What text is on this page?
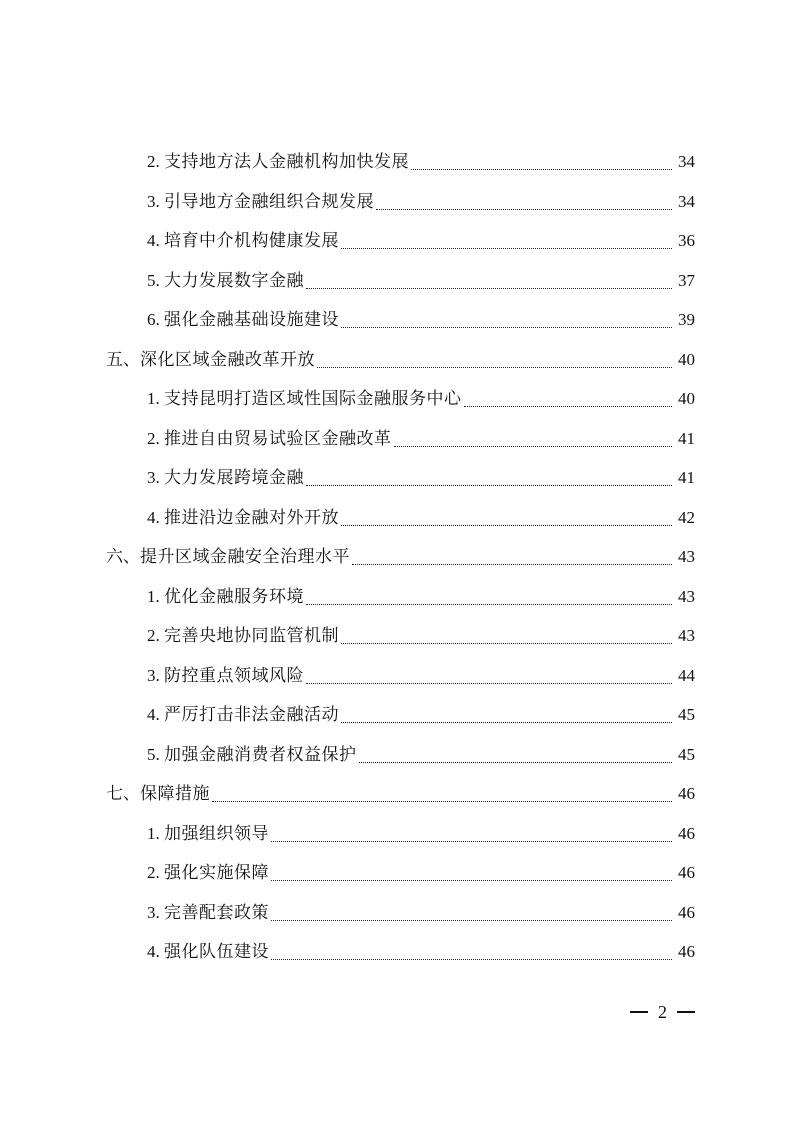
2. 支持地方法人金融机构加快发展	34
3. 引导地方金融组织合规发展	34
4. 培育中介机构健康发展	36
5. 大力发展数字金融	37
6. 强化金融基础设施建设	39
五、 深化区域金融改革开放	40
1. 支持昆明打造区域性国际金融服务中心	40
2. 推进自由贸易试验区金融改革	41
3. 大力发展跨境金融	41
4. 推进沿边金融对外开放	42
六、 提升区域金融安全治理水平	43
1. 优化金融服务环境	43
2. 完善央地协同监管机制	43
3. 防控重点领域风险	44
4. 严厉打击非法金融活动	45
5. 加强金融消费者权益保护	45
七、 保障措施	46
1. 加强组织领导	46
2. 强化实施保障	46
3. 完善配套政策	46
4. 强化队伍建设	46
2
